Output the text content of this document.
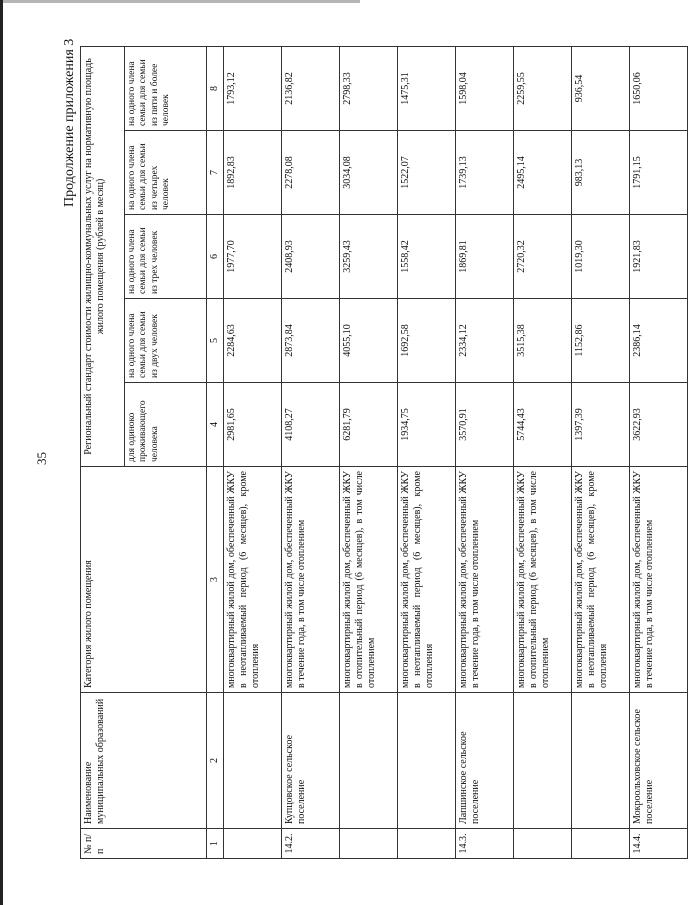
35
Продолжение приложения 3
№ п/п	Наименование муниципальных образований	Категория жилого помещения	Региональный стандарт стоимости жилищно-коммунальных услуг на нормативную площадь жилого помещения (рублей в месяц)				
			для одиноко проживающего человека	на одного члена семьи для семьи из двух человек	на одного члена семьи для семьи из трех человек	на одного члена семьи для семьи из четырех человек	на одного члена семьи для семьи из пяти и более человек
1	2	3	4	5	6	7	8
		многоквартирный жилой дом, обеспеченный ЖКУ в неотапливаемый период (6 месяцев), кроме отопления	2981,65	2284,63	1977,70	1892,83	1793,12
14.2.	Купцовское сельское поселение	многоквартирный жилой дом, обеспеченный ЖКУ в течение года, в том числе отоплением	4108,27	2873,84	2408,93	2278,08	2136,82
		многоквартирный жилой дом, обеспеченный ЖКУ в отопительный период (6 месяцев), в том числе отоплением	6281,79	4055,10	3259,43	3034,08	2798,33
		многоквартирный жилой дом, обеспеченный ЖКУ в неотапливаемый период (6 месяцев), кроме отопления	1934,75	1692,58	1558,42	1522,07	1475,31
14.3.	Лапшинское сельское поселение	многоквартирный жилой дом, обеспеченный ЖКУ в течение года, в том числе отоплением	3570,91	2334,12	1869,81	1739,13	1598,04
		многоквартирный жилой дом, обеспеченный ЖКУ в отопительный период (6 месяцев), в том числе отоплением	5744,43	3515,38	2720,32	2495,14	2259,55
		многоквартирный жилой дом, обеспеченный ЖКУ в неотапливаемый период (6 месяцев), кроме отопления	1397,39	1152,86	1019,30	983,13	936,54
14.4.	Мокроольховское сельское поселение	многоквартирный жилой дом, обеспеченный ЖКУ в течение года, в том числе отоплением	3622,93	2386,14	1921,83	1791,15	1650,06
